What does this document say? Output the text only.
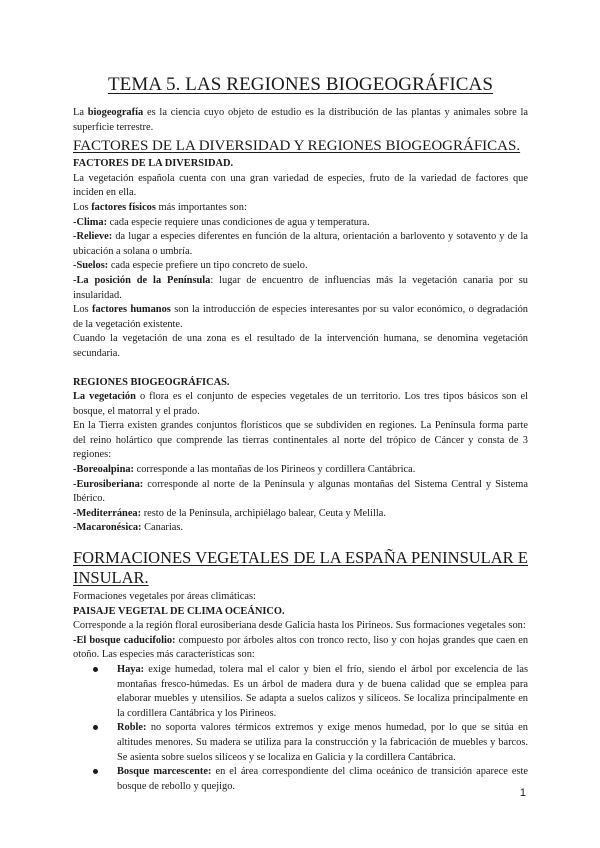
TEMA 5. LAS REGIONES BIOGEOGRÁFICAS

La biogeografía es la ciencia cuyo objeto de estudio es la distribución de las plantas y animales sobre la superficie terrestre.

FACTORES DE LA DIVERSIDAD Y REGIONES BIOGEOGRÁFICAS.
FACTORES DE LA DIVERSIDAD.

La vegetación española cuenta con una gran variedad de especies, fruto de la variedad de factores que inciden en ella.

Los factores físicos más importantes son:

-Clima: cada especie requiere unas condiciones de agua y temperatura.

-Relieve: da lugar a especies diferentes en función de la altura, orientación a barlovento y sotavento y de la ubicación a solana o umbría.

-Suelos: cada especie prefiere un tipo concreto de suelo.

-La posición de la Península: lugar de encuentro de influencias más la vegetación canaria por su insularidad.

Los factores humanos son la introducción de especies interesantes por su valor económico, o degradación de la vegetación existente.

Cuando la vegetación de una zona es el resultado de la intervención humana, se denomina vegetación secundaria.

REGIONES BIOGEOGRÁFICAS.

La vegetación o flora es el conjunto de especies vegetales de un territorio. Los tres tipos básicos son el bosque, el matorral y el prado.

En la Tierra existen grandes conjuntos florísticos que se subdividen en regiones. La Península forma parte del reino holártico que comprende las tierras continentales al norte del trópico de Cáncer y consta de 3 regiones:

-Boreoalpina: corresponde a las montañas de los Pirineos y cordillera Cantábrica.

-Eurosiberiana: corresponde al norte de la Península y algunas montañas del Sistema Central y Sistema Ibérico.

-Mediterránea: resto de la Península, archipiélago balear, Ceuta y Melilla.

-Macaronésica: Canarias.

FORMACIONES VEGETALES DE LA ESPAÑA PENINSULAR E INSULAR.

Formaciones vegetales por áreas climáticas:

PAISAJE VEGETAL DE CLIMA OCEÁNICO.

Corresponde a la región floral eurosiberiana desde Galicia hasta los Pirineos. Sus formaciones vegetales son:

-El bosque caducifolio: compuesto por árboles altos con tronco recto, liso y con hojas grandes que caen en otoño. Las especies más características son:

Haya: exige humedad, tolera mal el calor y bien el frío, siendo el árbol por excelencia de las montañas fresco-húmedas. Es un árbol de madera dura y de buena calidad que se emplea para elaborar muebles y utensilios. Se adapta a suelos calizos y silíceos. Se localiza principalmente en la cordillera Cantábrica y los Pirineos.
Roble: no soporta valores térmicos extremos y exige menos humedad, por lo que se sitúa en altitudes menores. Su madera se utiliza para la construcción y la fabricación de muebles y barcos. Se asienta sobre suelos silíceos y se localiza en Galicia y la cordillera Cantábrica.
Bosque marcescente: en el área correspondiente del clima oceánico de transición aparece este bosque de rebollo y quejigo.
1
